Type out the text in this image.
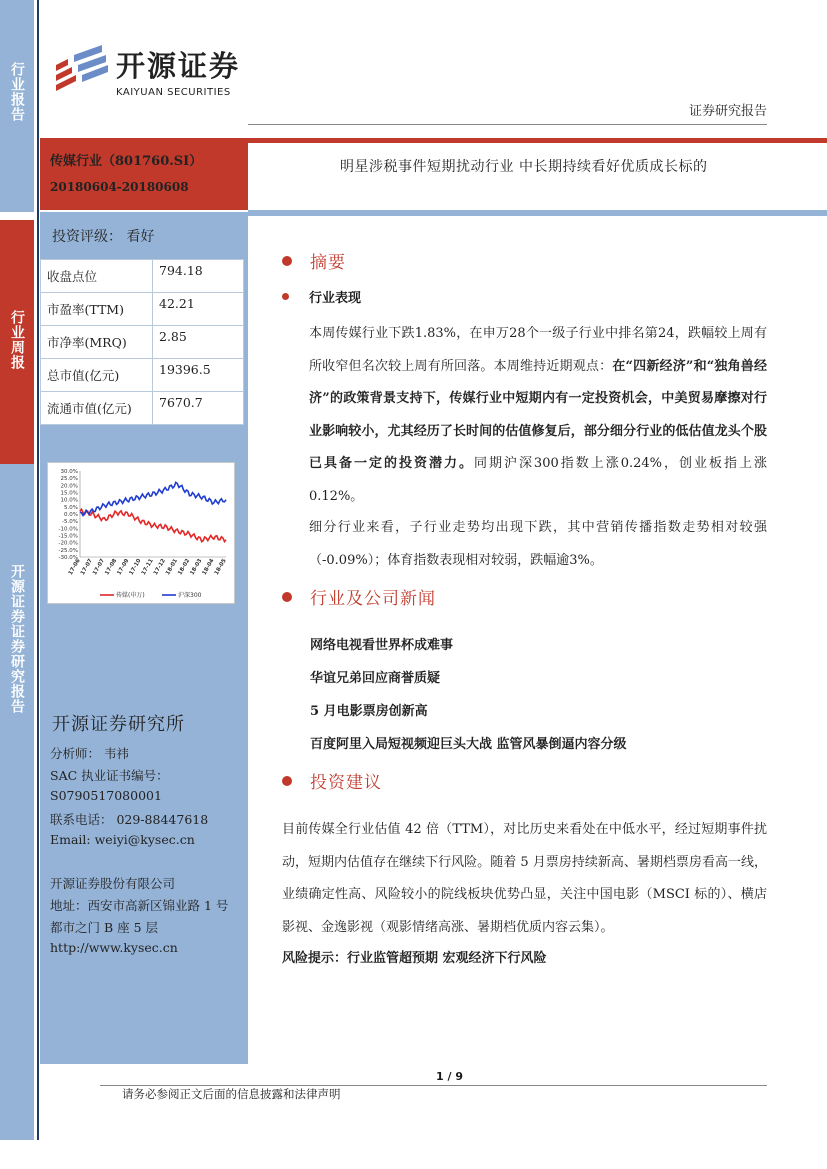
行业报告
行业周报
开源证券证券研究报告
开源证券
KAIYUAN SECURITIES
证券研究报告
传媒行业（801760.SI）
20180604-20180608
明星涉税事件短期扰动行业 中长期持续看好优质成长标的
投资评级： 看好
收盘点位	794.18
市盈率(TTM)	42.21
市净率(MRQ)	2.85
总市值(亿元)	19396.5
流通市值(亿元)	7670.7
30.0%
25.0%
20.0%
15.0%
10.0%
5.0%
0.0%
-5.0%
-10.0%
-15.0%
-20.0%
-25.0%
-30.0%
17-06
17-07
17-07
17-08
17-09
17-10
17-11
17-12
18-01
18-02
18-03
18-04
18-05
传媒(申万)	沪深300
开源证券研究所
分析师： 韦祎
SAC 执业证书编号：
S0790517080001
联系电话： 029-88447618
Email: weiyi@kysec.cn
开源证券股份有限公司
地址：西安市高新区锦业路 1 号
都市之门 B 座 5 层
http://www.kysec.cn
摘要
行业表现
本周传媒行业下跌1.83%，在申万28个一级子行业中排名第24，跌幅较上周有所收窄但名次较上周有所回落。本周维持近期观点：在“四新经济”和“独角兽经济”的政策背景支持下，传媒行业中短期内有一定投资机会，中美贸易摩擦对行业影响较小，尤其经历了长时间的估值修复后，部分细分行业的低估值龙头个股已具备一定的投资潜力。同期沪深300指数上涨0.24%，创业板指上涨0.12%。
细分行业来看，子行业走势均出现下跌，其中营销传播指数走势相对较强（-0.09%）；体育指数表现相对较弱，跌幅逾3%。
行业及公司新闻
网络电视看世界杯成难事
华谊兄弟回应商誉质疑
5 月电影票房创新高
百度阿里入局短视频迎巨头大战 监管风暴倒逼内容分级
投资建议
目前传媒全行业估值 42 倍（TTM），对比历史来看处在中低水平，经过短期事件扰动，短期内估值存在继续下行风险。随着 5 月票房持续新高、暑期档票房看高一线，业绩确定性高、风险较小的院线板块优势凸显，关注中国电影（MSCI 标的）、横店影视、金逸影视（观影情绪高涨、暑期档优质内容云集）。
风险提示：行业监管超预期 宏观经济下行风险
1 / 9
请务必参阅正文后面的信息披露和法律声明
